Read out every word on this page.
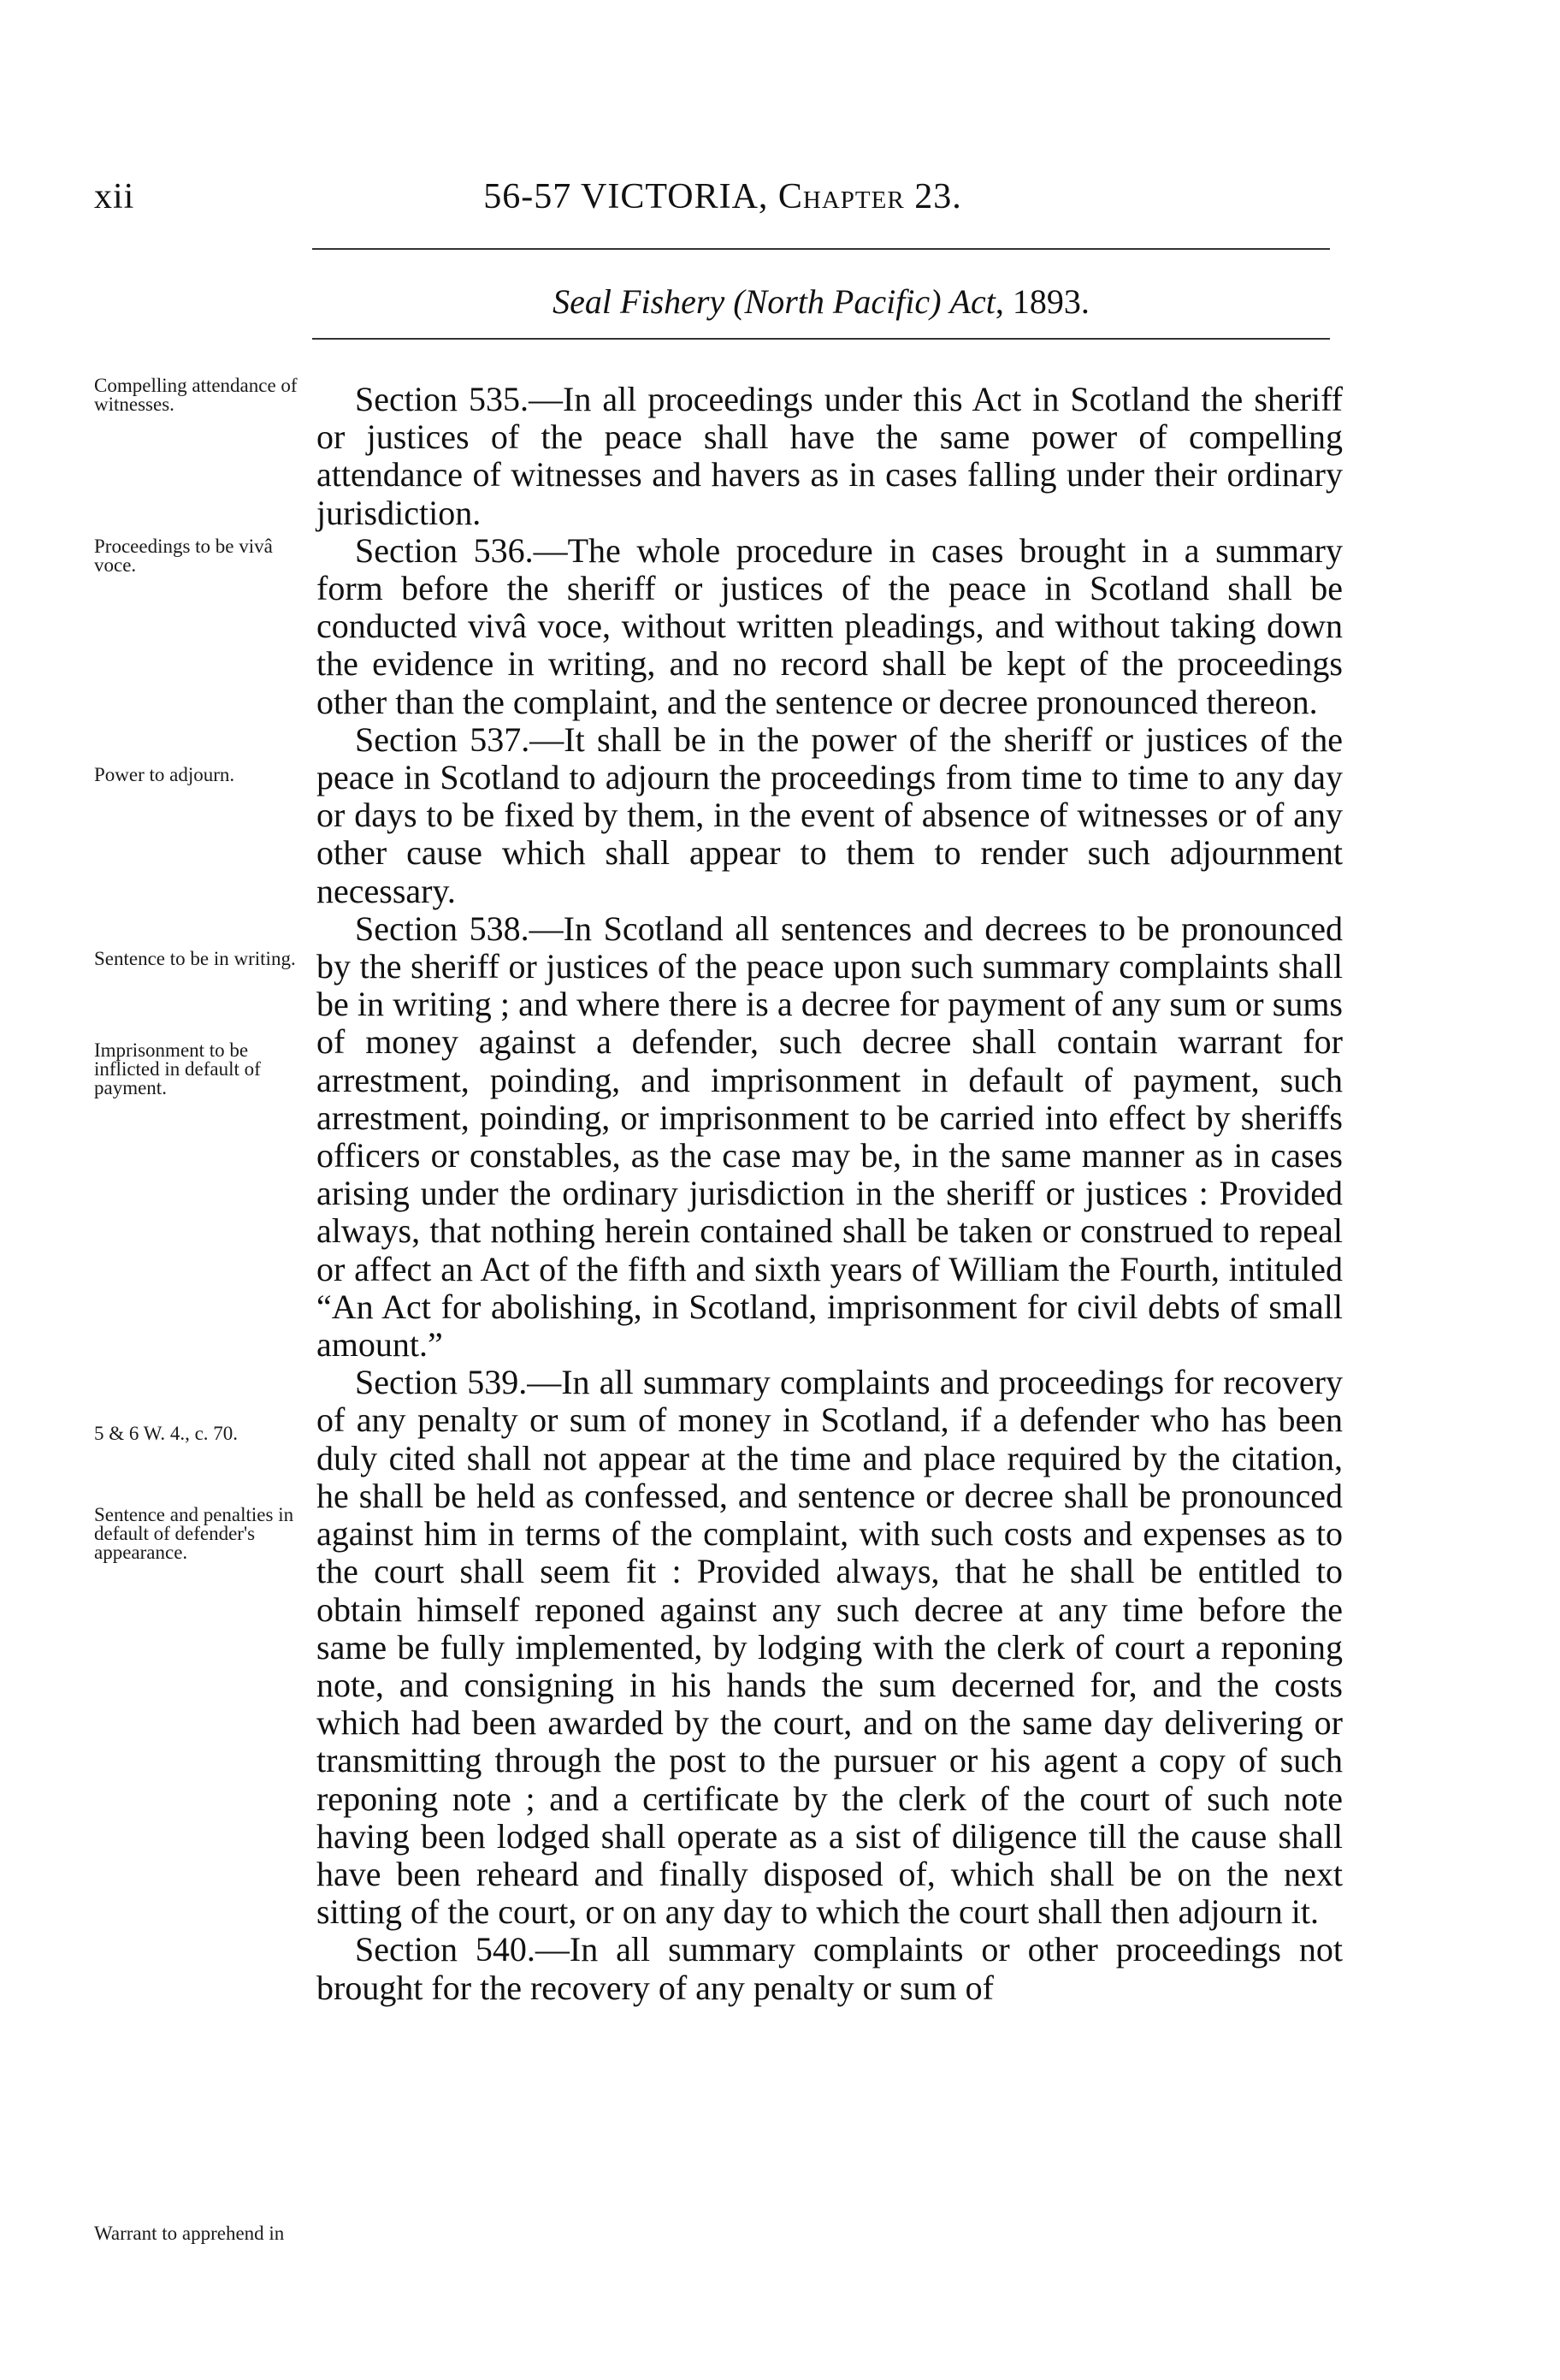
xii	56-57 VICTORIA, Chapter 23.
Seal Fishery (North Pacific) Act, 1893.
Compelling attendance of witnesses.
Proceedings to be vivâ voce.
Power to adjourn.
Sentence to be in writing.
Imprisonment to be inflicted in default of payment.
5 & 6 W. 4., c. 70.
Sentence and penalties in default of defender's appearance.
Warrant to apprehend in

Section 535.—In all proceedings under this Act in Scotland the sheriff or justices of the peace shall have the same power of compelling attendance of witnesses and havers as in cases falling under their ordinary jurisdiction.

Section 536.—The whole procedure in cases brought in a summary form before the sheriff or justices of the peace in Scotland shall be conducted vivâ voce, without written pleadings, and without taking down the evidence in writing, and no record shall be kept of the proceedings other than the complaint, and the sentence or decree pronounced thereon.

Section 537.—It shall be in the power of the sheriff or justices of the peace in Scotland to adjourn the proceedings from time to time to any day or days to be fixed by them, in the event of absence of witnesses or of any other cause which shall appear to them to render such adjournment necessary.

Section 538.—In Scotland all sentences and decrees to be pronounced by the sheriff or justices of the peace upon such summary complaints shall be in writing ; and where there is a decree for payment of any sum or sums of money against a defender, such decree shall contain warrant for arrestment, poinding, and imprisonment in default of payment, such arrestment, poinding, or imprisonment to be carried into effect by sheriffs officers or constables, as the case may be, in the same manner as in cases arising under the ordinary jurisdiction in the sheriff or justices : Provided always, that nothing herein contained shall be taken or construed to repeal or affect an Act of the fifth and sixth years of William the Fourth, intituled “An Act for abolishing, in Scotland, imprisonment for civil debts of small amount.”

Section 539.—In all summary complaints and proceedings for recovery of any penalty or sum of money in Scotland, if a defender who has been duly cited shall not appear at the time and place required by the citation, he shall be held as confessed, and sentence or decree shall be pronounced against him in terms of the complaint, with such costs and expenses as to the court shall seem fit : Provided always, that he shall be entitled to obtain himself reponed against any such decree at any time before the same be fully implemented, by lodging with the clerk of court a reponing note, and consigning in his hands the sum decerned for, and the costs which had been awarded by the court, and on the same day delivering or transmitting through the post to the pursuer or his agent a copy of such reponing note ; and a certificate by the clerk of the court of such note having been lodged shall operate as a sist of diligence till the cause shall have been reheard and finally disposed of, which shall be on the next sitting of the court, or on any day to which the court shall then adjourn it.

Section 540.—In all summary complaints or other proceedings not brought for the recovery of any penalty or sum of
